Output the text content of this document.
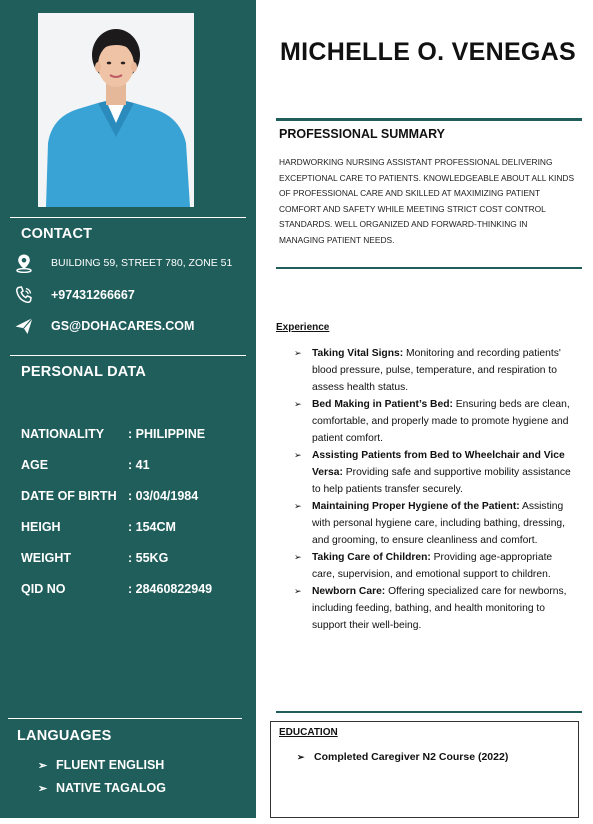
CONTACT
BUILDING 59, STREET 780, ZONE 51
+97431266667
GS@DOHACARES.COM
PERSONAL DATA
NATIONALITY : PHILIPPINE
AGE	: 41
DATE OF BIRTH : 03/04/1984
HEIGH	: 154CM
WEIGHT	: 55KG
QID NO	: 28460822949
LANGUAGES
➢ FLUENT ENGLISH
➢ NATIVE TAGALOG
MICHELLE O. VENEGAS
PROFESSIONAL SUMMARY
HARDWORKING NURSING ASSISTANT PROFESSIONAL DELIVERING EXCEPTIONAL CARE TO PATIENTS. KNOWLEDGEABLE ABOUT ALL KINDS OF PROFESSIONAL CARE AND SKILLED AT MAXIMIZING PATIENT COMFORT AND SAFETY WHILE MEETING STRICT COST CONTROL STANDARDS. WELL ORGANIZED AND FORWARD-THINKING IN MANAGING PATIENT NEEDS.
Experience
➢ Taking Vital Signs: Monitoring and recording patients' blood pressure, pulse, temperature, and respiration to assess health status.
➢ Bed Making in Patient’s Bed: Ensuring beds are clean, comfortable, and properly made to promote hygiene and patient comfort.
➢ Assisting Patients from Bed to Wheelchair and Vice Versa: Providing safe and supportive mobility assistance to help patients transfer securely.
➢ Maintaining Proper Hygiene of the Patient: Assisting with personal hygiene care, including bathing, dressing, and grooming, to ensure cleanliness and comfort.
➢ Taking Care of Children: Providing age-appropriate care, supervision, and emotional support to children.
➢ Newborn Care: Offering specialized care for newborns, including feeding, bathing, and health monitoring to support their well-being.
EDUCATION
➢ Completed Caregiver N2 Course (2022)
